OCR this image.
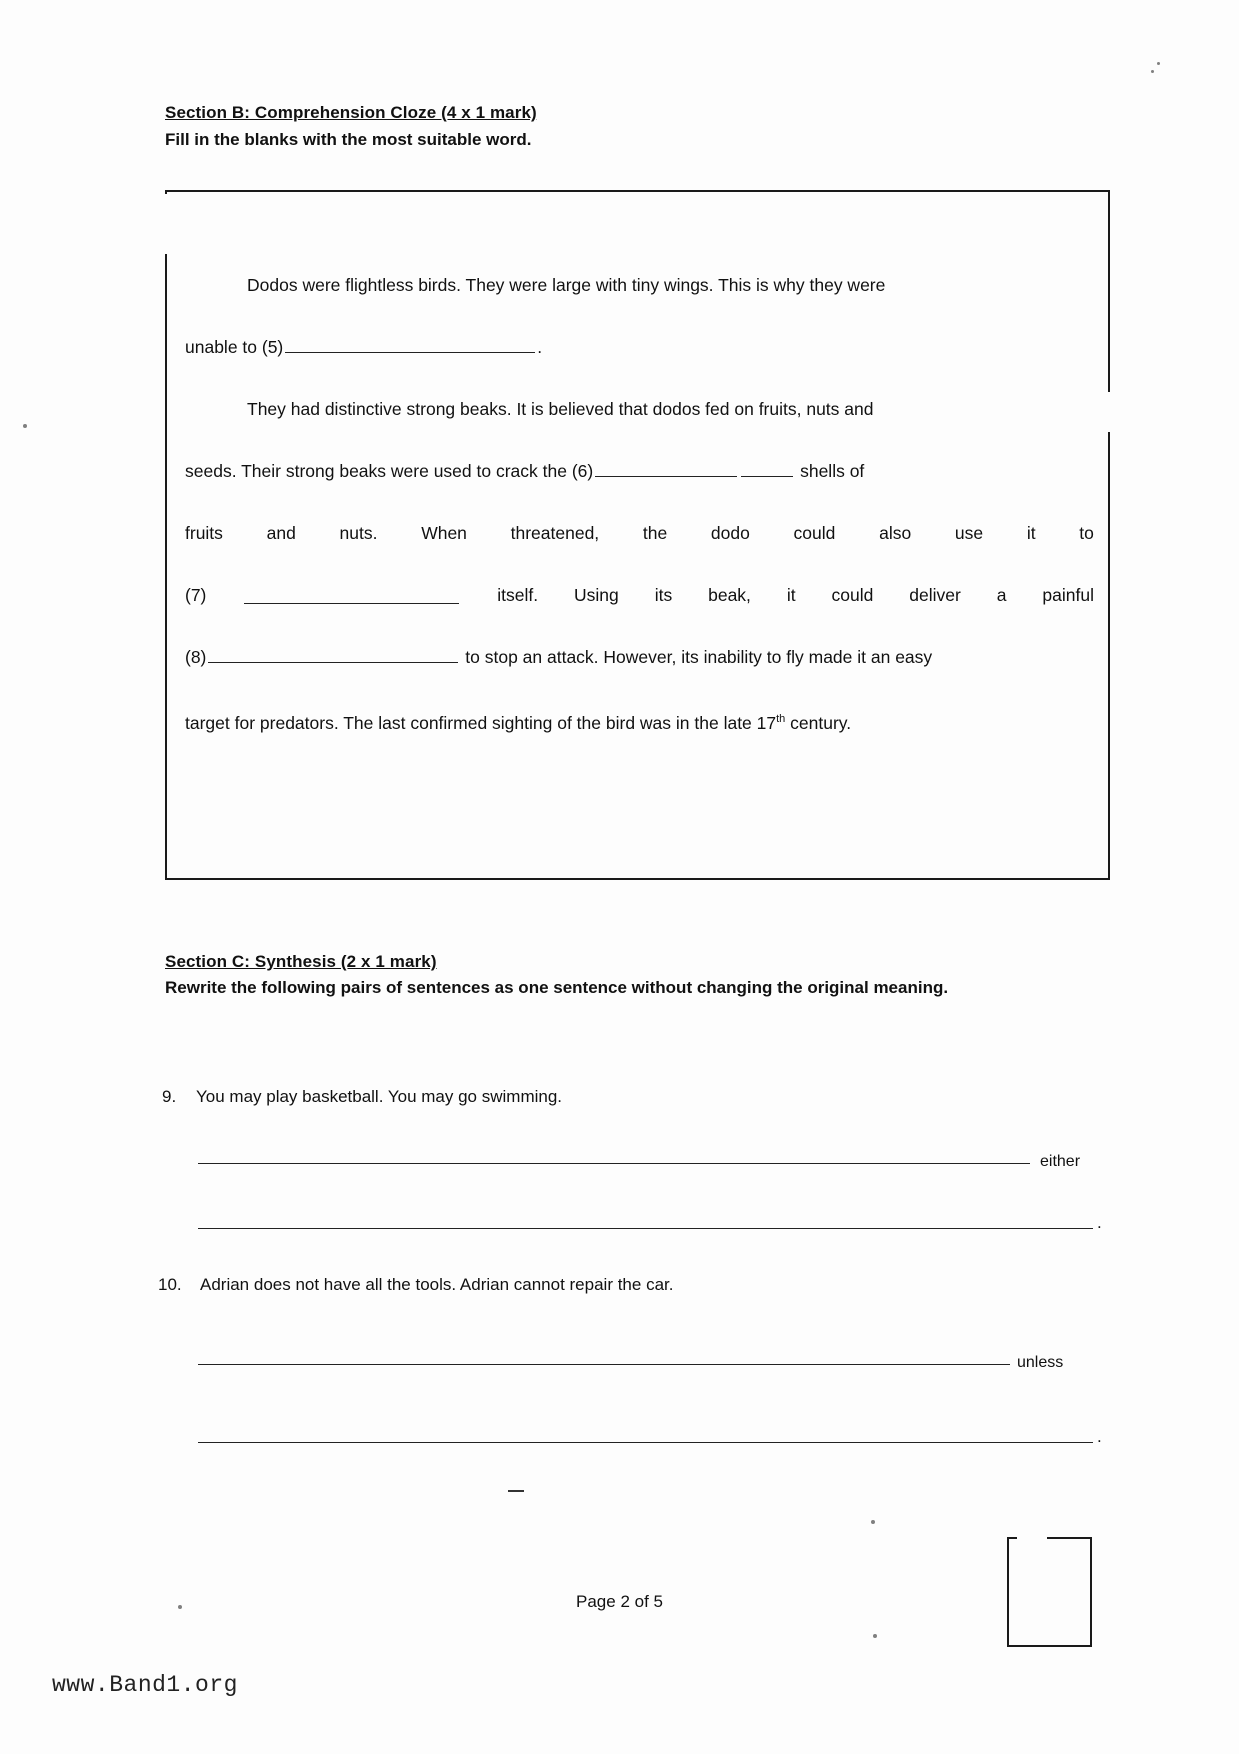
Section B: Comprehension Cloze (4 x 1 mark)
Fill in the blanks with the most suitable word.
Dodos were flightless birds. They were large with tiny wings. This is why they were
unable to (5)	.
They had distinctive strong beaks. It is believed that dodos fed on fruits, nuts and
seeds. Their strong beaks were used to crack the (6)	shells of
fruits and nuts. When threatened, the dodo could also use it to
(7)	itself. Using its beak, it could deliver a painful
(8)	to stop an attack. However, its inability to fly made it an easy
target for predators. The last confirmed sighting of the bird was in the late 17th century.
Section C: Synthesis (2 x 1 mark)
Rewrite the following pairs of sentences as one sentence without changing the original meaning.
9. You may play basketball. You may go swimming.
either
.
10. Adrian does not have all the tools. Adrian cannot repair the car.
unless
.
Page 2 of 5
www.Band1.org
